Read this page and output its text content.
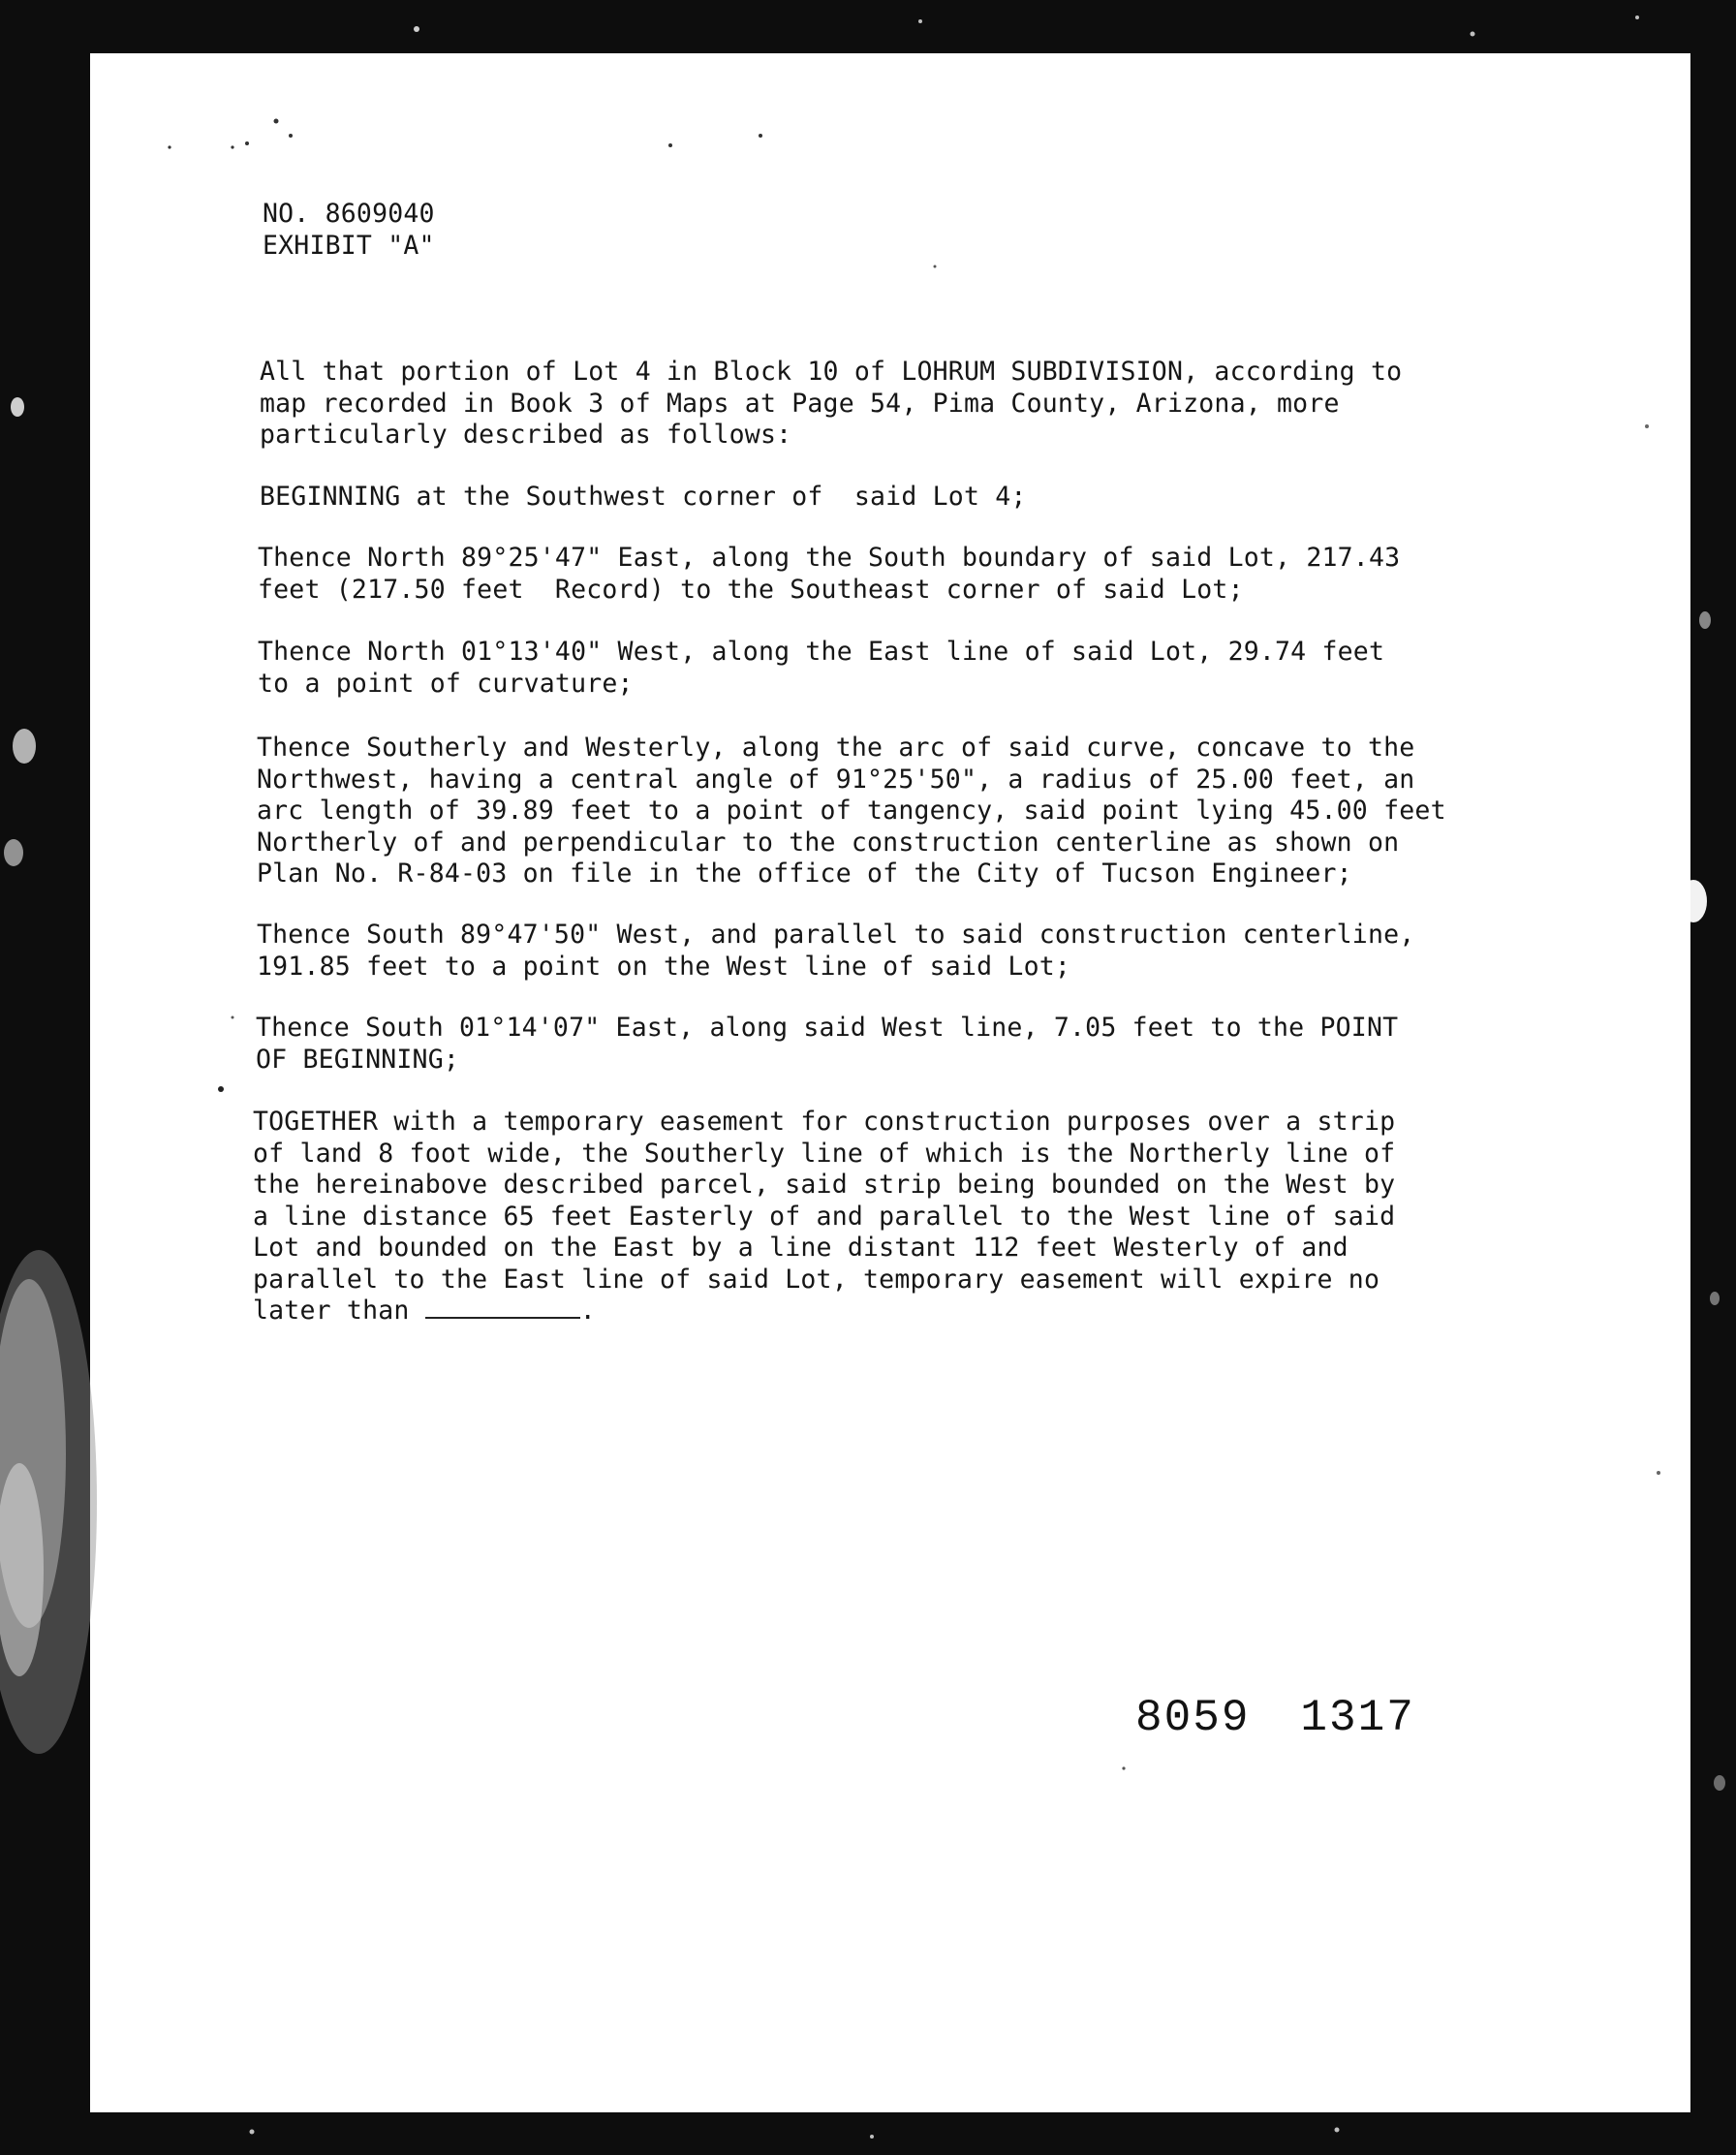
NO. 8609040
EXHIBIT "A"
All that portion of Lot 4 in Block 10 of LOHRUM SUBDIVISION, according to
map recorded in Book 3 of Maps at Page 54, Pima County, Arizona, more
particularly described as follows:
BEGINNING at the Southwest corner of  said Lot 4;
Thence North 89°25'47" East, along the South boundary of said Lot, 217.43
feet (217.50 feet  Record) to the Southeast corner of said Lot;
Thence North 01°13'40" West, along the East line of said Lot, 29.74 feet
to a point of curvature;
Thence Southerly and Westerly, along the arc of said curve, concave to the
Northwest, having a central angle of 91°25'50", a radius of 25.00 feet, an
arc length of 39.89 feet to a point of tangency, said point lying 45.00 feet
Northerly of and perpendicular to the construction centerline as shown on
Plan No. R-84-03 on file in the office of the City of Tucson Engineer;
Thence South 89°47'50" West, and parallel to said construction centerline,
191.85 feet to a point on the West line of said Lot;
Thence South 01°14'07" East, along said West line, 7.05 feet to the POINT
OF BEGINNING;
TOGETHER with a temporary easement for construction purposes over a strip
of land 8 foot wide, the Southerly line of which is the Northerly line of
the hereinabove described parcel, said strip being bounded on the West by
a line distance 65 feet Easterly of and parallel to the West line of said
Lot and bounded on the East by a line distant 112 feet Westerly of and
parallel to the East line of said Lot, temporary easement will expire no
later than	.
8059 1317
